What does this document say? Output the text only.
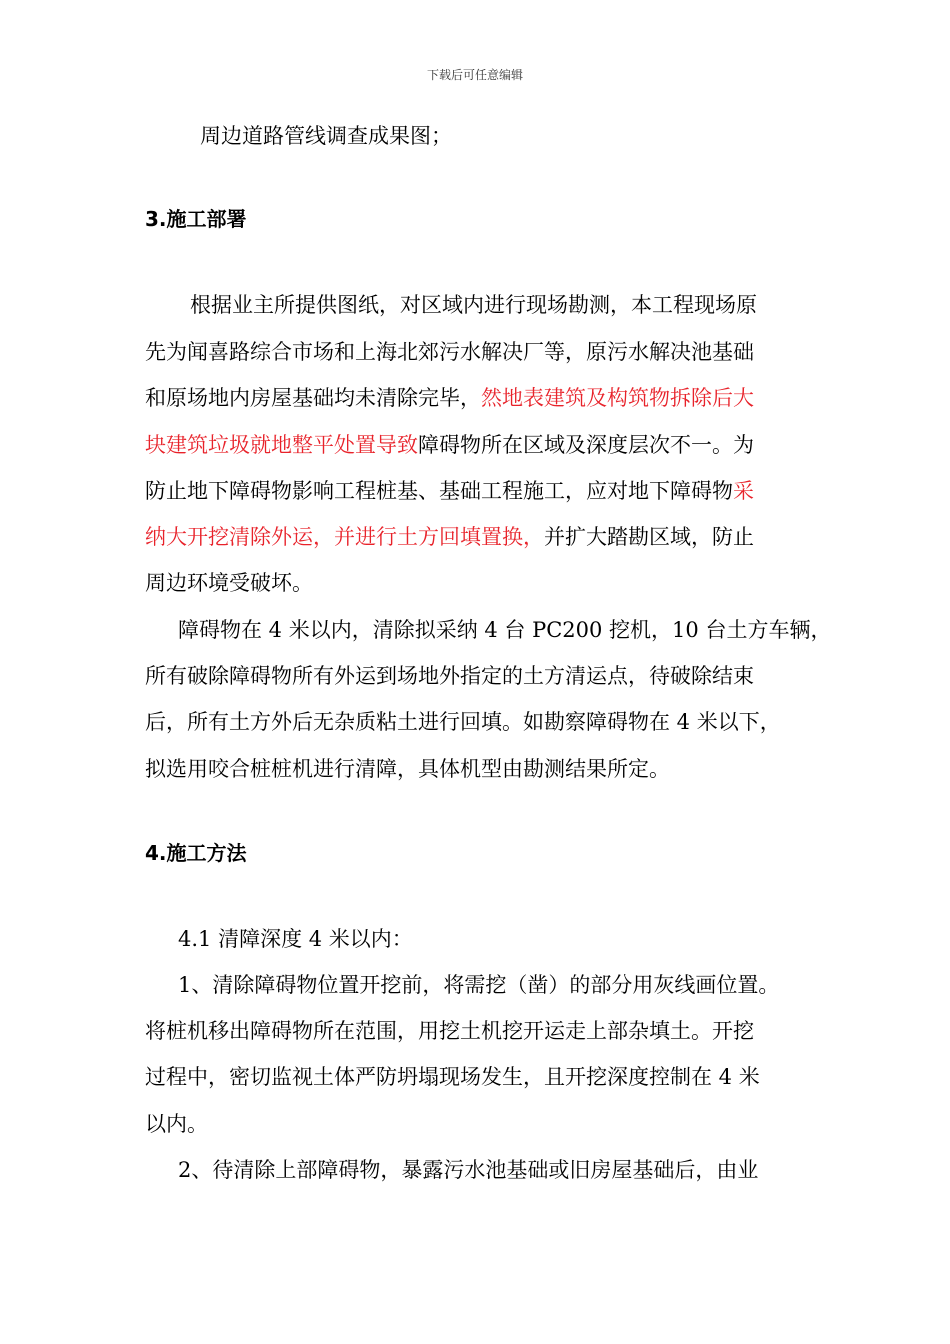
下载后可任意编辑
周边道路管线调查成果图；
3.施工部署
根据业主所提供图纸，对区域内进行现场勘测，本工程现场原
先为闻喜路综合市场和上海北郊污水解决厂等，原污水解决池基础
和原场地内房屋基础均未清除完毕，然地表建筑及构筑物拆除后大
块建筑垃圾就地整平处置导致障碍物所在区域及深度层次不一。为
防止地下障碍物影响工程桩基、基础工程施工，应对地下障碍物采
纳大开挖清除外运，并进行土方回填置换，并扩大踏勘区域，防止
周边环境受破坏。
障碍物在 4 米以内，清除拟采纳 4 台 PC200 挖机，10 台土方车辆，
所有破除障碍物所有外运到场地外指定的土方清运点，待破除结束
后，所有土方外后无杂质粘土进行回填。如勘察障碍物在 4 米以下，
拟选用咬合桩桩机进行清障，具体机型由勘测结果所定。
4.施工方法
4.1 清障深度 4 米以内：
1、清除障碍物位置开挖前，将需挖（凿）的部分用灰线画位置。
将桩机移出障碍物所在范围，用挖土机挖开运走上部杂填土。开挖
过程中，密切监视土体严防坍塌现场发生，且开挖深度控制在 4 米
以内。
2、待清除上部障碍物，暴露污水池基础或旧房屋基础后，由业
